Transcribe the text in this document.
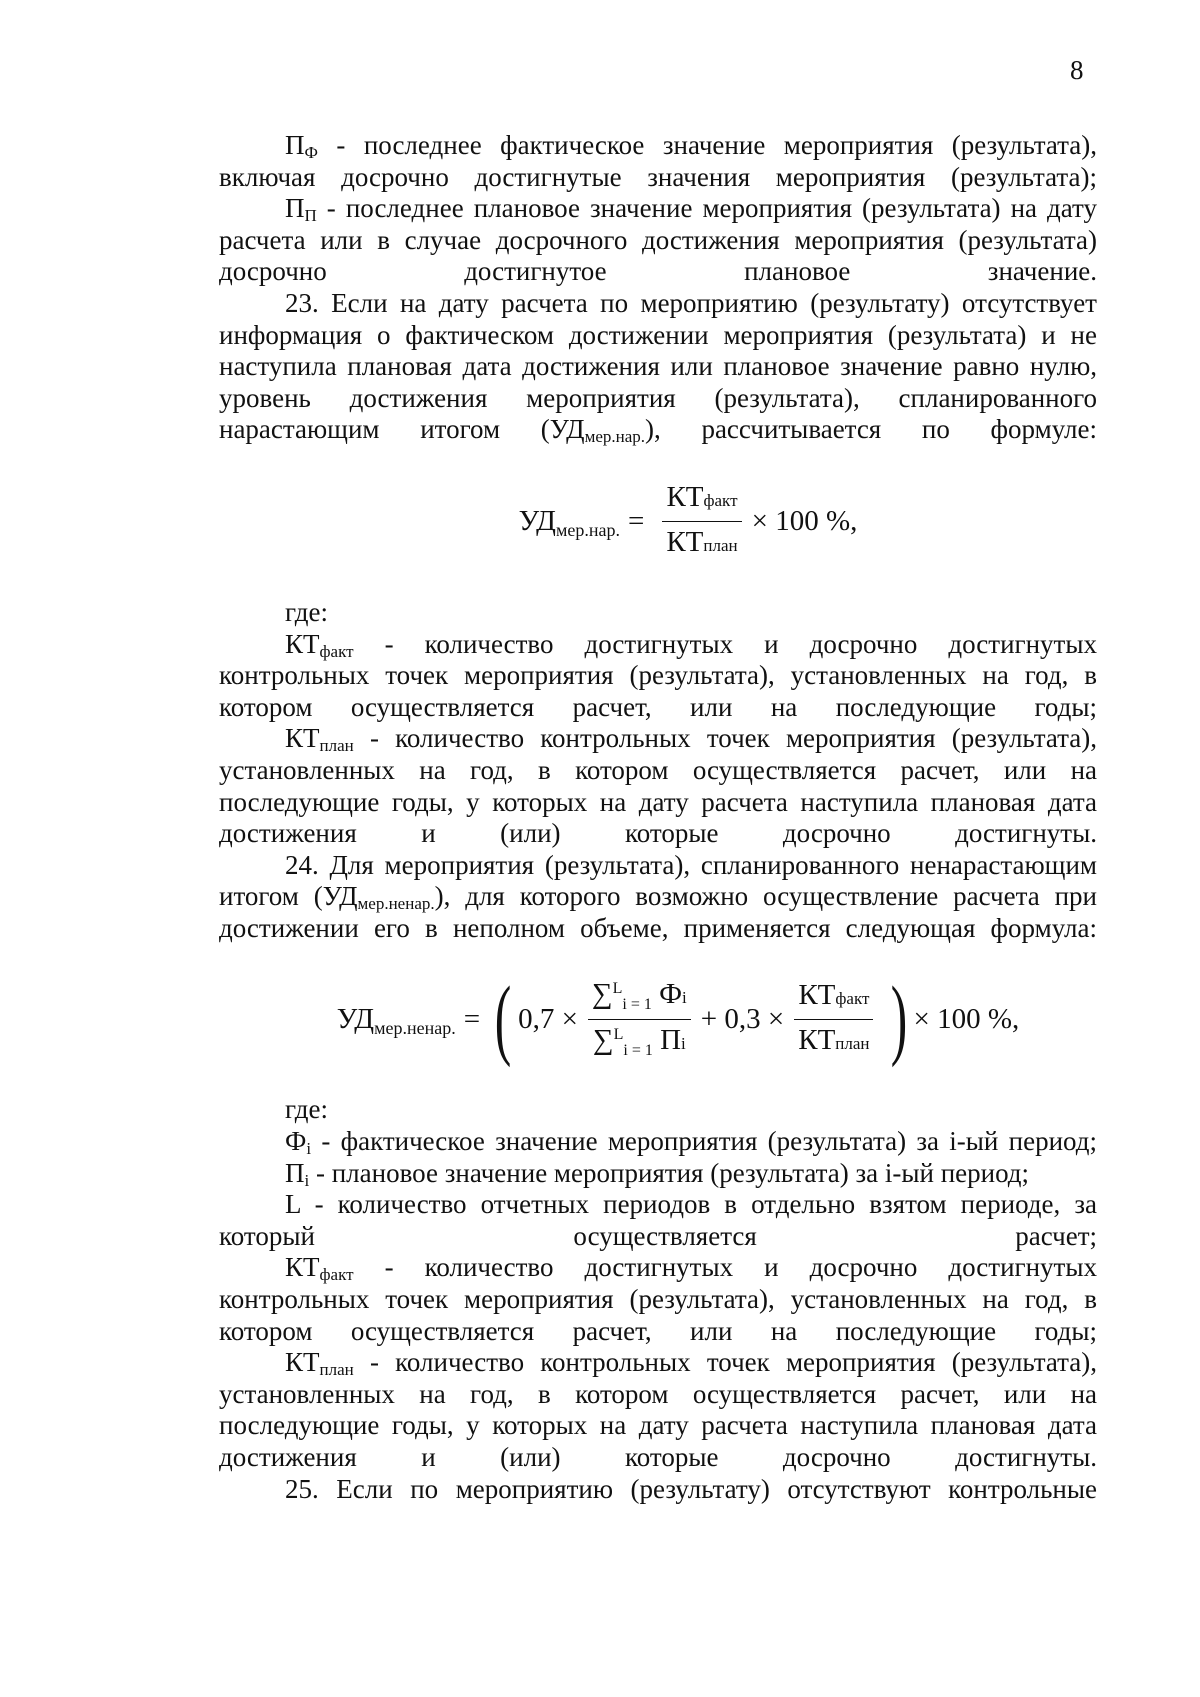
8

$П_Ф$ - последнее фактическое значение мероприятия (результата), включая досрочно достигнутые значения мероприятия (результата);

$П_П$ - последнее плановое значение мероприятия (результата) на дату расчета или в случае досрочного достижения мероприятия (результата) досрочно достигнутое плановое значение.

23. Если на дату расчета по мероприятию (результату) отсутствует информация о фактическом достижении мероприятия (результата) и не наступила плановая дата достижения или плановое значение равно нулю, уровень достижения мероприятия (результата), спланированного нарастающим итогом $(УД_{мер.нар.})$, рассчитывается по формуле:

УД мер.нар. = $\frac{\text{КТфакт}}{\text{КТплан}} \times 100$ %,

где:

$КТ_{факт}$ - количество достигнутых и досрочно достигнутых контрольных точек мероприятия (результата), установленных на год, в котором осуществляется расчет, или на последующие годы;

$КТ_{план}$ - количество контрольных точек мероприятия (результата), установленных на год, в котором осуществляется расчет, или на последующие годы, у которых на дату расчета наступила плановая дата достижения и (или) которые досрочно достигнуты.

24. Для мероприятия (результата), спланированного ненарастающим итогом $(УД_{мер.ненар.})$, для которого возможно осуществление расчета при достижении его в неполном объеме, применяется следующая формула:

УД мер.ненар. = ( $0,7 \times \frac{\sum^L_{i = 1} Фi}{\sum^L_{i = 1} Пi} + 0,3 \times \frac{\text{КТфакт}}{\text{КТплан}}$ ) × 100 %,

где:

$Ф_i$ - фактическое значение мероприятия (результата) за i-ый период;

$П_i$ - плановое значение мероприятия (результата) за i-ый период;

L - количество отчетных периодов в отдельно взятом периоде, за который осуществляется расчет;

$КТ_{факт}$ - количество достигнутых и досрочно достигнутых контрольных точек мероприятия (результата), установленных на год, в котором осуществляется расчет, или на последующие годы;

$КТ_{план}$ - количество контрольных точек мероприятия (результата), установленных на год, в котором осуществляется расчет, или на последующие годы, у которых на дату расчета наступила плановая дата достижения и (или) которые досрочно достигнуты.

25. Если по мероприятию (результату) отсутствуют контрольные
